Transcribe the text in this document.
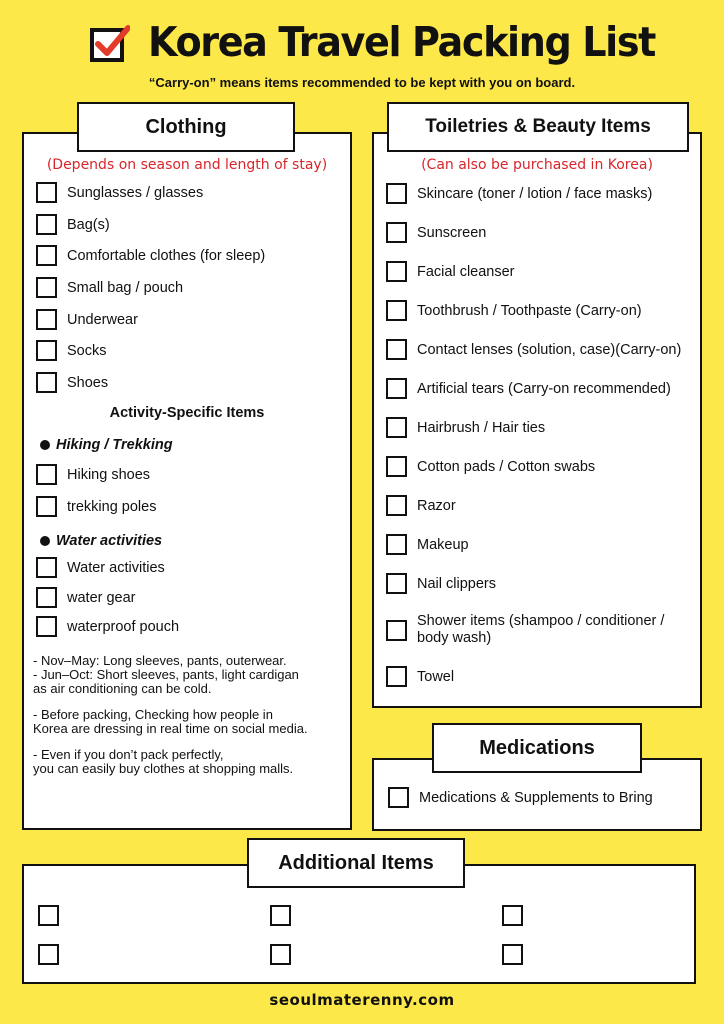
Korea Travel Packing List
“Carry-on” means items recommended to be kept with you on board.
Clothing
(Depends on season and length of stay)
Sunglasses / glasses
Bag(s)
Comfortable clothes (for sleep)
Small bag / pouch
Underwear
Socks
Shoes
Activity-Specific Items
Hiking / Trekking
Hiking shoes
trekking poles
Water activities
Water activities
water gear
waterproof pouch
- Nov–May: Long sleeves, pants, outerwear.
- Jun–Oct: Short sleeves, pants, light cardigan
as air conditioning can be cold.
- Before packing, Checking how people in
Korea are dressing in real time on social media.
- Even if you don’t pack perfectly,
you can easily buy clothes at shopping malls.
Toiletries & Beauty Items
(Can also be purchased in Korea)
Skincare (toner / lotion / face masks)
Sunscreen
Facial cleanser
Toothbrush / Toothpaste (Carry-on)
Contact lenses (solution, case)(Carry-on)
Artificial tears (Carry-on recommended)
Hairbrush / Hair ties
Cotton pads / Cotton swabs
Razor
Makeup
Nail clippers
Shower items (shampoo / conditioner /
body wash)
Towel
Medications
Medications & Supplements to Bring
Additional Items
seoulmaterenny.com
